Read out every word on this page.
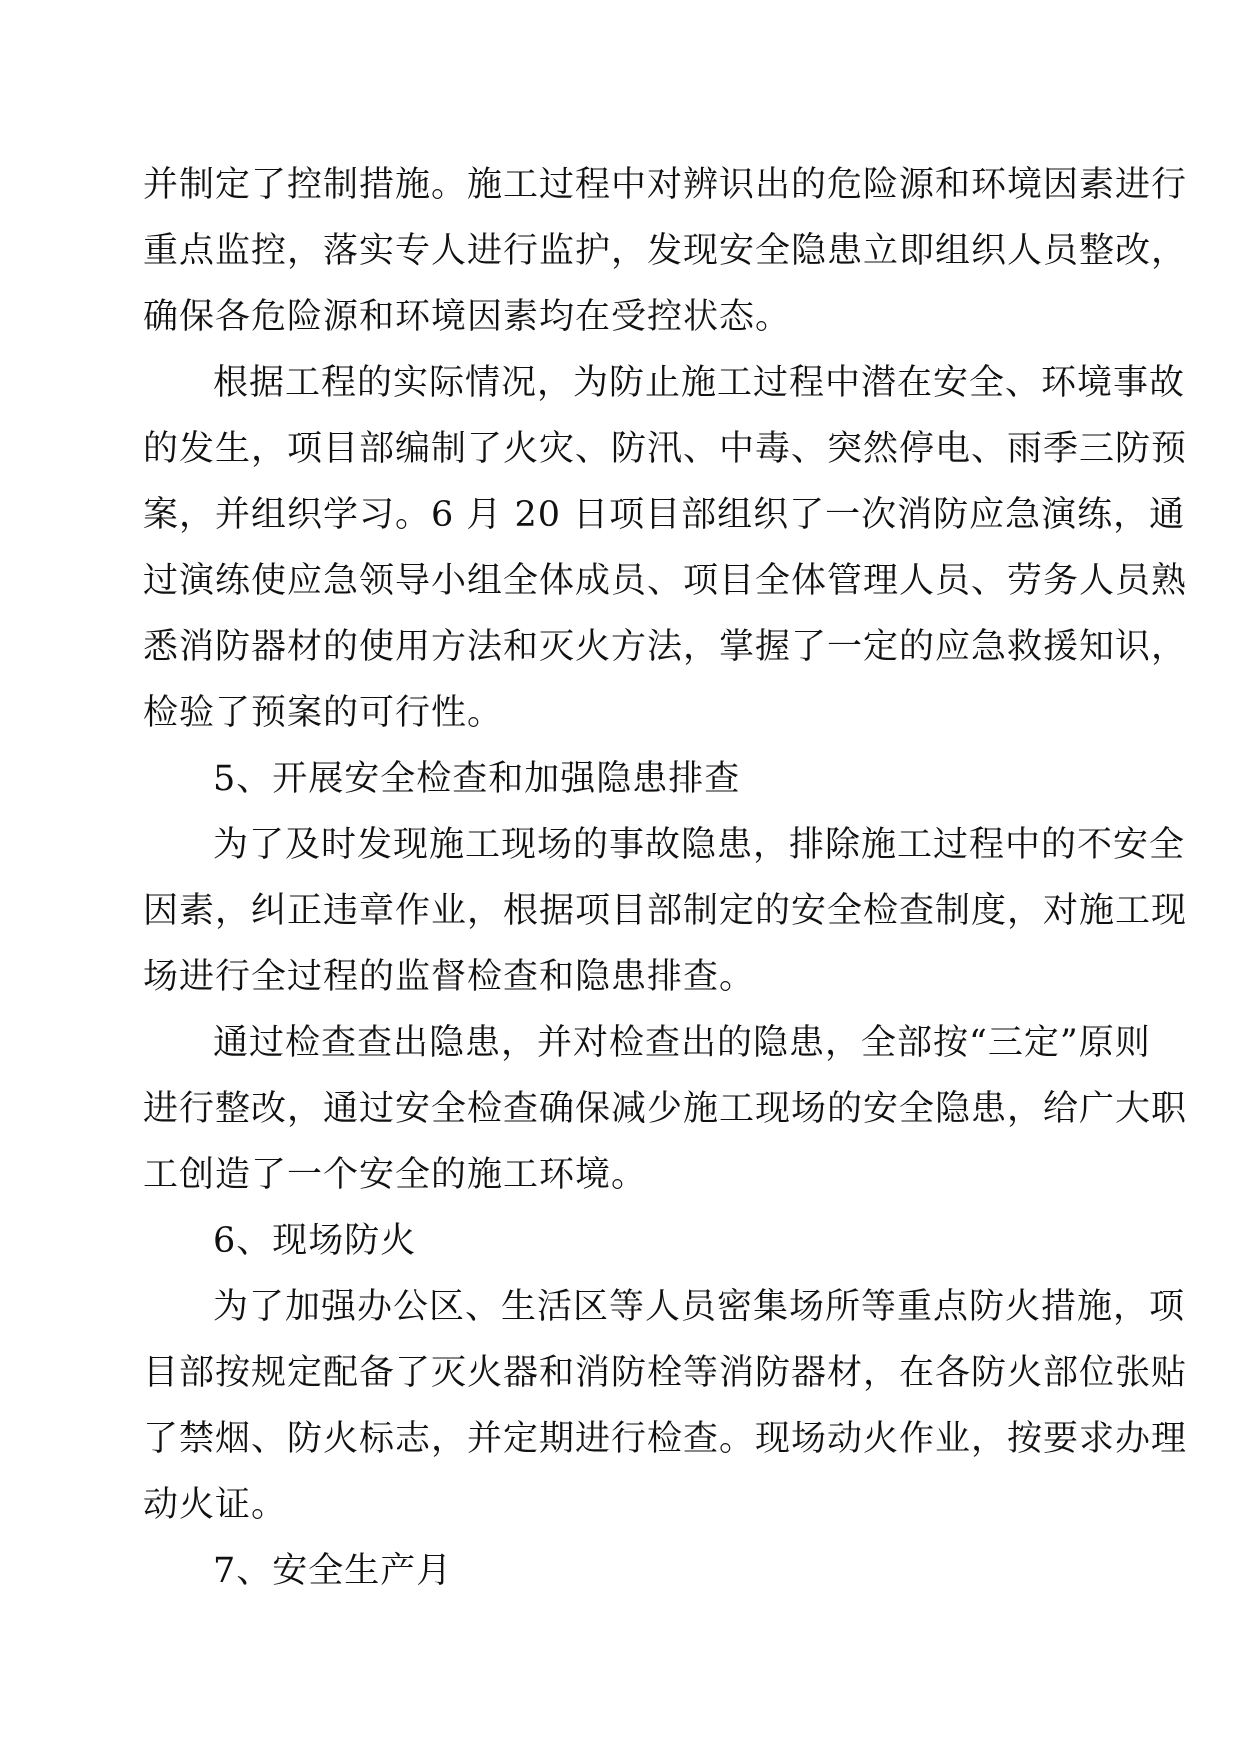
并制定了控制措施。施工过程中对辨识出的危险源和环境因素进行
重点监控，落实专人进行监护，发现安全隐患立即组织人员整改，
确保各危险源和环境因素均在受控状态。
根据工程的实际情况，为防止施工过程中潜在安全、环境事故
的发生，项目部编制了火灾、防汛、中毒、突然停电、雨季三防预
案，并组织学习。6 月 20 日项目部组织了一次消防应急演练，通
过演练使应急领导小组全体成员、项目全体管理人员、劳务人员熟
悉消防器材的使用方法和灭火方法，掌握了一定的应急救援知识，
检验了预案的可行性。
5、开展安全检查和加强隐患排查
为了及时发现施工现场的事故隐患，排除施工过程中的不安全
因素，纠正违章作业，根据项目部制定的安全检查制度，对施工现
场进行全过程的监督检查和隐患排查。
通过检查查出隐患，并对检查出的隐患，全部按“三定”原则
进行整改，通过安全检查确保减少施工现场的安全隐患，给广大职
工创造了一个安全的施工环境。
6、现场防火
为了加强办公区、生活区等人员密集场所等重点防火措施，项
目部按规定配备了灭火器和消防栓等消防器材，在各防火部位张贴
了禁烟、防火标志，并定期进行检查。现场动火作业，按要求办理
动火证。
7、安全生产月
